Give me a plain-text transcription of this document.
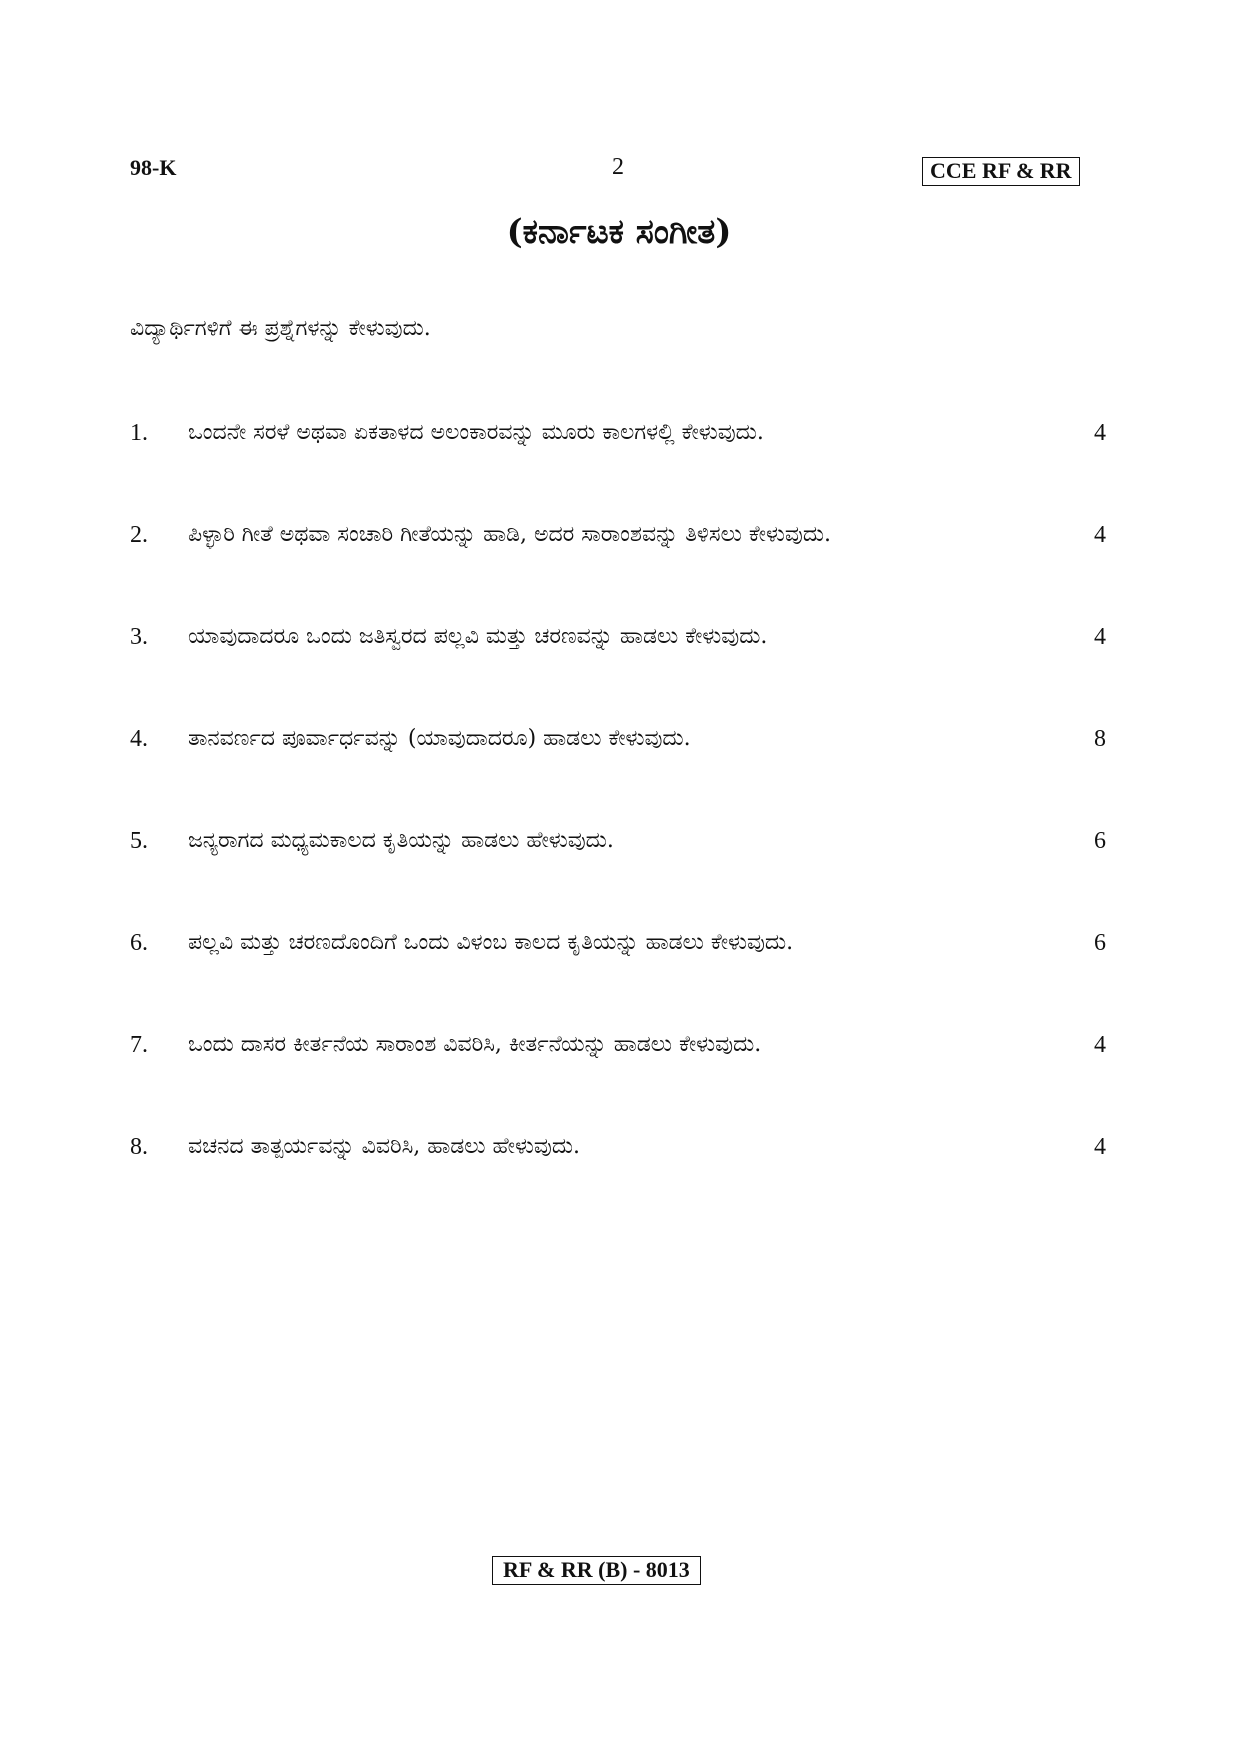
98-K	2	CCE RF & RR
(ಕರ್ನಾಟಕ ಸಂಗೀತ)
ವಿದ್ಯಾರ್ಥಿಗಳಿಗೆ ಈ ಪ್ರಶ್ನೆಗಳನ್ನು ಕೇಳುವುದು.
1. ಒಂದನೇ ಸರಳೆ ಅಥವಾ ಏಕತಾಳದ ಅಲಂಕಾರವನ್ನು ಮೂರು ಕಾಲಗಳಲ್ಲಿ ಕೇಳುವುದು.	4
2. ಪಿಳ್ಳಾರಿ ಗೀತೆ ಅಥವಾ ಸಂಚಾರಿ ಗೀತೆಯನ್ನು ಹಾಡಿ, ಅದರ ಸಾರಾಂಶವನ್ನು ತಿಳಿಸಲು ಕೇಳುವುದು.	4
3. ಯಾವುದಾದರೂ ಒಂದು ಜತಿಸ್ವರದ ಪಲ್ಲವಿ ಮತ್ತು ಚರಣವನ್ನು ಹಾಡಲು ಕೇಳುವುದು.	4
4. ತಾನವರ್ಣದ ಪೂರ್ವಾರ್ಧವನ್ನು (ಯಾವುದಾದರೂ) ಹಾಡಲು ಕೇಳುವುದು.	8
5. ಜನ್ಯರಾಗದ ಮಧ್ಯಮಕಾಲದ ಕೃತಿಯನ್ನು ಹಾಡಲು ಹೇಳುವುದು.	6
6. ಪಲ್ಲವಿ ಮತ್ತು ಚರಣದೊಂದಿಗೆ ಒಂದು ವಿಳಂಬ ಕಾಲದ ಕೃತಿಯನ್ನು ಹಾಡಲು ಕೇಳುವುದು.	6
7. ಒಂದು ದಾಸರ ಕೀರ್ತನೆಯ ಸಾರಾಂಶ ವಿವರಿಸಿ, ಕೀರ್ತನೆಯನ್ನು ಹಾಡಲು ಕೇಳುವುದು.	4
8. ವಚನದ ತಾತ್ಪರ್ಯವನ್ನು ವಿವರಿಸಿ, ಹಾಡಲು ಹೇಳುವುದು.	4
RF & RR (B) - 8013
